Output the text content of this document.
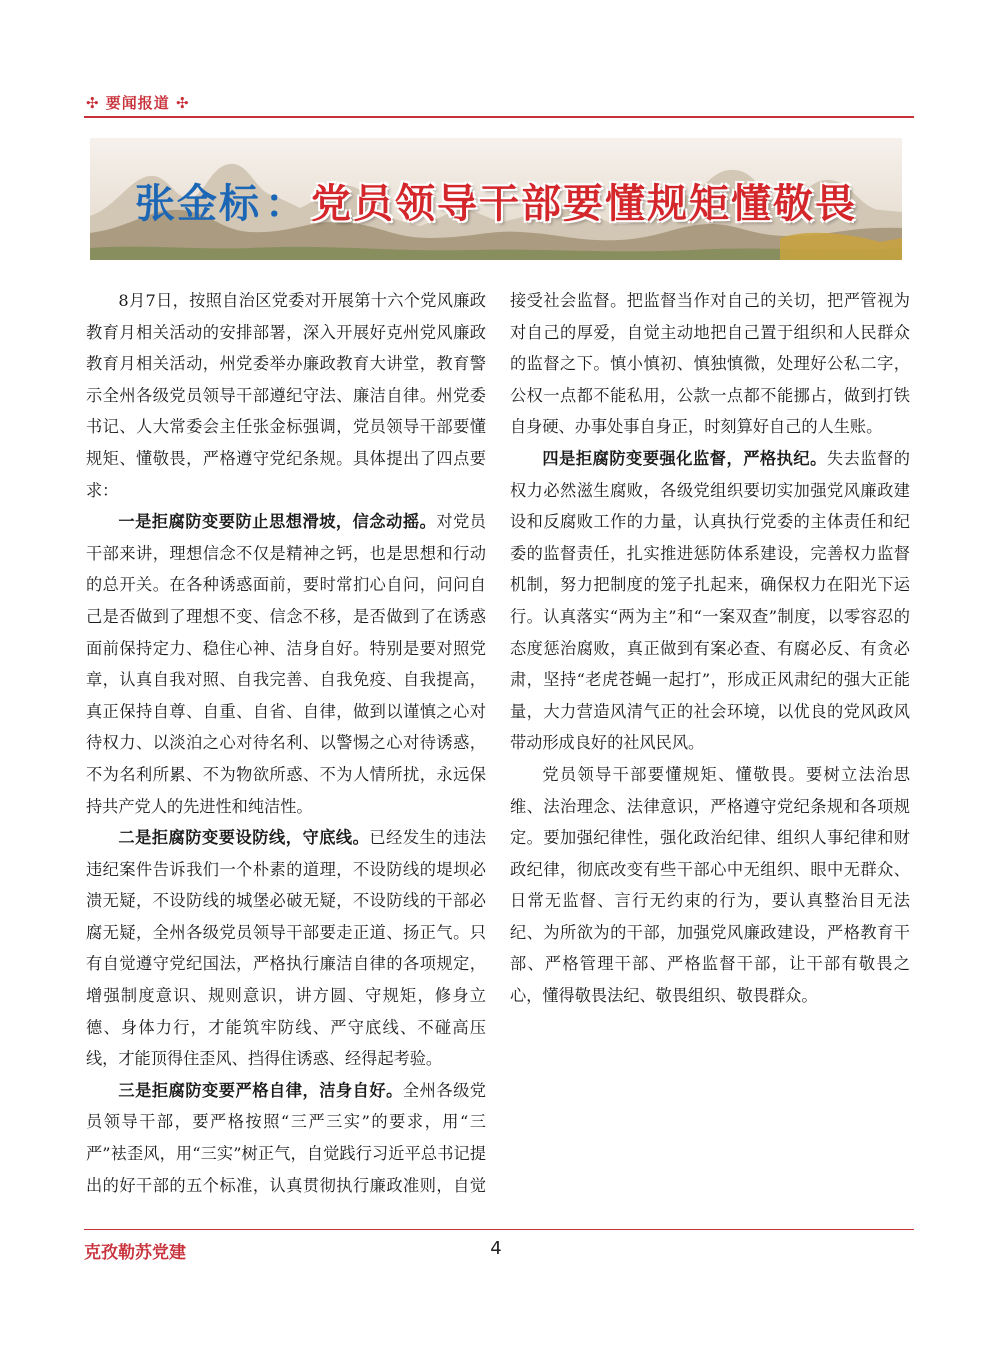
✣ 要闻报道 ✣
张金标 ： 党员领导干部要懂规矩懂敬畏

8月7日，按照自治区党委对开展第十六个党风廉政教育月相关活动的安排部署，深入开展好克州党风廉政教育月相关活动，州党委举办廉政教育大讲堂，教育警示全州各级党员领导干部遵纪守法、廉洁自律。州党委书记、人大常委会主任张金标强调，党员领导干部要懂规矩、懂敬畏，严格遵守党纪条规。具体提出了四点要求：

一是拒腐防变要防止思想滑坡，信念动摇。对党员干部来讲，理想信念不仅是精神之钙，也是思想和行动的总开关。在各种诱惑面前，要时常扪心自问，问问自己是否做到了理想不变、信念不移，是否做到了在诱惑面前保持定力、稳住心神、洁身自好。特别是要对照党章，认真自我对照、自我完善、自我免疫、自我提高，真正保持自尊、自重、自省、自律，做到以谨慎之心对待权力、以淡泊之心对待名利、以警惕之心对待诱惑，不为名利所累、不为物欲所惑、不为人情所扰，永远保持共产党人的先进性和纯洁性。

二是拒腐防变要设防线，守底线。已经发生的违法违纪案件告诉我们一个朴素的道理，不设防线的堤坝必溃无疑，不设防线的城堡必破无疑，不设防线的干部必腐无疑，全州各级党员领导干部要走正道、扬正气。只有自觉遵守党纪国法，严格执行廉洁自律的各项规定，增强制度意识、规则意识，讲方圆、守规矩，修身立德、身体力行，才能筑牢防线、严守底线、不碰高压线，才能顶得住歪风、挡得住诱惑、经得起考验。

三是拒腐防变要严格自律，洁身自好。全州各级党员领导干部，要严格按照“三严三实”的要求，用“三严”袪歪风，用“三实”树正气，自觉践行习近平总书记提出的好干部的五个标准，认真贯彻执行廉政准则，自觉接受社会监督。把监督当作对自己的关切，把严管视为对自己的厚爱，自觉主动地把自己置于组织和人民群众的监督之下。慎小慎初、慎独慎微，处理好公私二字，公权一点都不能私用，公款一点都不能挪占，做到打铁自身硬、办事处事自身正，时刻算好自己的人生账。

四是拒腐防变要强化监督，严格执纪。失去监督的权力必然滋生腐败，各级党组织要切实加强党风廉政建设和反腐败工作的力量，认真执行党委的主体责任和纪委的监督责任，扎实推进惩防体系建设，完善权力监督机制，努力把制度的笼子扎起来，确保权力在阳光下运行。认真落实“两为主”和“一案双查”制度，以零容忍的态度惩治腐败，真正做到有案必查、有腐必反、有贪必肃，坚持“老虎苍蝇一起打”，形成正风肃纪的强大正能量，大力营造风清气正的社会环境，以优良的党风政风带动形成良好的社风民风。

党员领导干部要懂规矩、懂敬畏。要树立法治思维、法治理念、法律意识，严格遵守党纪条规和各项规定。要加强纪律性，强化政治纪律、组织人事纪律和财政纪律，彻底改变有些干部心中无组织、眼中无群众、日常无监督、言行无约束的行为，要认真整治目无法纪、为所欲为的干部，加强党风廉政建设，严格教育干部、严格管理干部、严格监督干部，让干部有敬畏之心，懂得敬畏法纪、敬畏组织、敬畏群众。

克孜勒苏党建	4
